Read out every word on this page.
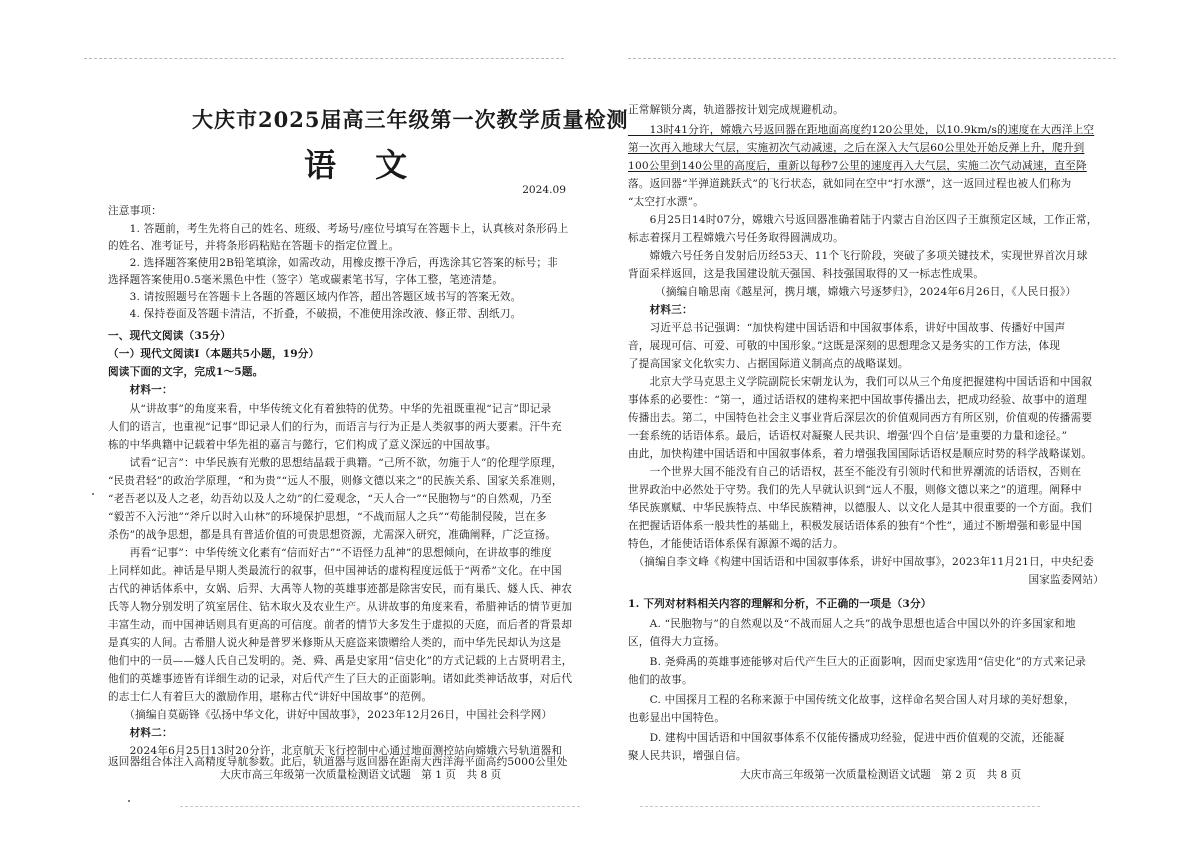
大庆市2025届高三年级第一次教学质量检测
语 文
2024.09
注意事项：
　　1. 答题前，考生先将自己的姓名、班级、考场号/座位号填写在答题卡上，认真核对条形码上
的姓名、准考证号，并将条形码粘贴在答题卡的指定位置上。
　　2. 选择题答案使用2B铅笔填涂，如需改动，用橡皮擦干净后，再选涂其它答案的标号；非
选择题答案使用0.5毫米黑色中性（签字）笔或碳素笔书写，字体工整，笔迹清楚。
　　3. 请按照题号在答题卡上各题的答题区域内作答，超出答题区域书写的答案无效。
　　4. 保持卷面及答题卡清洁，不折叠，不破损，不准使用涂改液、修正带、刮纸刀。
一、现代文阅读（35分）
（一）现代文阅读Ⅰ（本题共5小题，19分）
阅读下面的文字，完成1～5题。
　　材料一：
　　从“讲故事”的角度来看，中华传统文化有着独特的优势。中华的先祖既重视“记言”即记录
人们的语言，也重视“记事”即记录人们的行为，而语言与行为正是人类叙事的两大要素。汗牛充
栋的中华典籍中记载着中华先祖的嘉言与懿行，它们构成了意义深远的中国故事。
　　试看“记言”：中华民族有光敷的思想结晶载于典籍。“己所不欲，勿施于人”的伦理学原理，
“民贵君轻”的政治学原理，“和为贵”“远人不服，则修文德以来之”的民族关系、国家关系准则，
“老吾老以及人之老，幼吾幼以及人之幼”的仁爱观念，“天人合一”“民胞物与”的自然观，乃至
“毅苦不入污池”“斧斤以时入山林”的环境保护思想，“不战而屈人之兵”“苟能制侵陵，岂在多
杀伤”的战争思想，都是具有普适价值的可贵思想资源，尤需深入研究，准确阐释，广泛宣扬。
　　再看“记事”：中华传统文化素有“信而好古”“不语怪力乱神”的思想倾向，在讲故事的维度
上同样如此。神话是早期人类最流行的叙事，但中国神话的虚构程度远低于“两希”文化。在中国
古代的神话体系中，女娲、后羿、大禹等人物的英雄事迹都是除害安民，而有巢氏、燧人氏、神农
氏等人物分别发明了筑室居住、钻木取火及农业生产。从讲故事的角度来看，希腊神话的情节更加
丰富生动，而中国神话则具有更高的可信度。前者的情节大多发生于虚拟的天庭，而后者的背景却
是真实的人间。古希腊人说火种是普罗米修斯从天庭盗来馈赠给人类的，而中华先民却认为这是
他们中的一员——燧人氏自己发明的。尧、舜、禹是史家用“信史化”的方式记载的上古贤明君主，
他们的英雄事迹皆有详细生动的记录，对后代产生了巨大的正面影响。诸如此类神话故事，对后代
的志士仁人有着巨大的激励作用，堪称古代“讲好中国故事”的范例。
　　（摘编自莫砺锋《弘扬中华文化，讲好中国故事》，2023年12月26日，中国社会科学网）
　　材料二：
　　2024年6月25日13时20分许，北京航天飞行控制中心通过地面测控站向嫦娥六号轨道器和
返回器组合体注入高精度导航参数。此后，轨道器与返回器在距南大西洋海平面高约5000公里处
大庆市高三年级第一次质量检测语文试题　第 1 页　共 8 页
正常解锁分离，轨道器按计划完成规避机动。
　　13时41分许，嫦娥六号返回器在距地面高度约120公里处，以10.9km/s的速度在大西洋上空
第一次再入地球大气层，实施初次气动减速，之后在深入大气层60公里处开始反弹上升，爬升到
100公里到140公里的高度后，重新以每秒7公里的速度再入大气层，实施二次气动减速，直至降
落。返回器“半弹道跳跃式”的飞行状态，就如同在空中“打水漂”，这一返回过程也被人们称为
“太空打水漂”。
　　6月25日14时07分，嫦娥六号返回器准确着陆于内蒙古自治区四子王旗预定区域，工作正常，
标志着探月工程嫦娥六号任务取得圆满成功。
　　嫦娥六号任务自发射后历经53天、11个飞行阶段，突破了多项关键技术，实现世界首次月球
背面采样返回，这是我国建设航天强国、科技强国取得的又一标志性成果。
　　　（摘编自喻思南《越星河，携月壤，嫦娥六号逐梦归》，2024年6月26日，《人民日报》）
　　材料三：
　　习近平总书记强调：“加快构建中国话语和中国叙事体系，讲好中国故事、传播好中国声
音，展现可信、可爱、可敬的中国形象。”这既是深刻的思想理念又是务实的工作方法，体现
了提高国家文化软实力、占据国际道义制高点的战略谋划。
　　北京大学马克思主义学院副院长宋朝龙认为，我们可以从三个角度把握建构中国话语和中国叙
事体系的必要性：“第一，通过话语权的建构来把中国故事传播出去，把成功经验、故事中的道理
传播出去。第二，中国特色社会主义事业背后深层次的价值观同西方有所区别，价值观的传播需要
一套系统的话语体系。最后，话语权对凝聚人民共识、增强‘四个自信’是重要的力量和途径。”
由此，加快构建中国话语和中国叙事体系，着力增强我国国际话语权是顺应时势的科学战略谋划。
　　一个世界大国不能没有自己的话语权，甚至不能没有引领时代和世界潮流的话语权，否则在
世界政治中必然处于守势。我们的先人早就认识到“远人不服，则修文德以来之”的道理。阐释中
华民族禀赋、中华民族特点、中华民族精神，以德服人、以文化人是其中很重要的一个方面。我们
在把握话语体系一般共性的基础上，积极发展话语体系的独有“个性”，通过不断增强和彰显中国
特色，才能使话语体系保有源源不竭的活力。
　（摘编自李文峰《构建中国话语和中国叙事体系，讲好中国故事》，2023年11月21日，中央纪委
国家监委网站）
1. 下列对材料相关内容的理解和分析，不正确的一项是（3分）
　　A. “民胞物与”的自然观以及“不战而屈人之兵”的战争思想也适合中国以外的许多国家和地
区，值得大力宣扬。
　　B. 尧舜禹的英雄事迹能够对后代产生巨大的正面影响，因而史家选用“信史化”的方式来记录
他们的故事。
　　C. 中国探月工程的名称来源于中国传统文化故事，这样命名契合国人对月球的美好想象，
也彰显出中国特色。
　　D. 建构中国话语和中国叙事体系不仅能传播成功经验，促进中西价值观的交流，还能凝
聚人民共识，增强自信。
大庆市高三年级第一次质量检测语文试题　第 2 页　共 8 页
